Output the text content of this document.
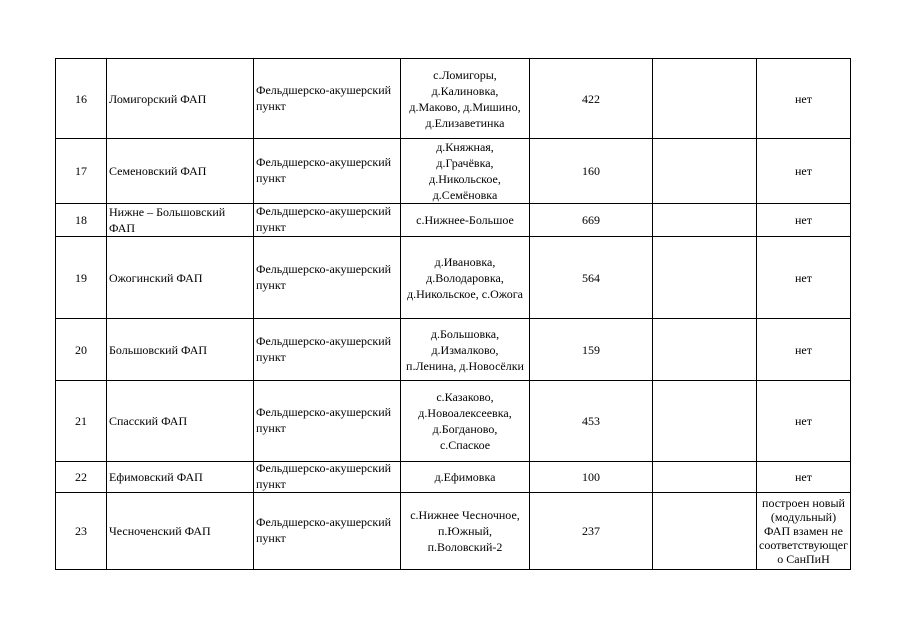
16	Ломигорский ФАП	Фельдшерско-акушерский пункт	с.Ломигоры,
д.Калиновка,
д.Маково, д.Мишино,
д.Елизаветинка	422		нет
17	Семеновский ФАП	Фельдшерско-акушерский пункт	д.Княжная,
д.Грачёвка,
д.Никольское,
д.Семёновка	160		нет
18	Нижне – Большовский ФАП	Фельдшерско-акушерский пункт	с.Нижнее-Большое	669		нет
19	Ожогинский ФАП	Фельдшерско-акушерский пункт	д.Ивановка,
д.Володаровка,
д.Никольское, с.Ожога	564		нет
20	Большовский ФАП	Фельдшерско-акушерский пункт	д.Большовка,
д.Измалково,
п.Ленина, д.Новосёлки	159		нет
21	Спасский ФАП	Фельдшерско-акушерский пункт	с.Казаково,
д.Новоалексеевка,
д.Богданово,
с.Спаское	453		нет
22	Ефимовский ФАП	Фельдшерско-акушерский пункт	д.Ефимовка	100		нет
23	Чесноченский ФАП	Фельдшерско-акушерский пункт	с.Нижнее Чесночное,
п.Южный,
п.Воловский-2	237		построен новый
(модульный)
ФАП взамен не
соответствующег
о СанПиН
